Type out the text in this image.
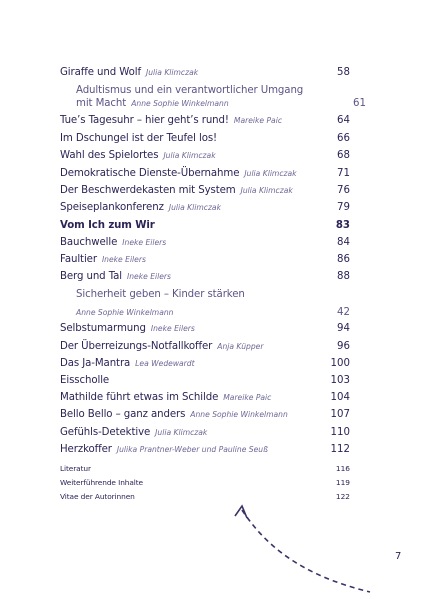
Giraffe und Wolf Julia Klimczak	58
Adultismus und ein verantwortlicher Umgang
mit Macht Anne Sophie Winkelmann	61
Tue’s Tagesuhr – hier geht’s rund! Mareike Paic	64
Im Dschungel ist der Teufel los!	66
Wahl des Spielortes Julia Klimczak	68
Demokratische Dienste-Übernahme Julia Klimczak	71
Der Beschwerdekasten mit System Julia Klimczak	76
Speiseplankonferenz Julia Klimczak	79
Vom Ich zum Wir	83
Bauchwelle Ineke Eilers	84
Faultier Ineke Eilers	86
Berg und Tal Ineke Eilers	88
Sicherheit geben – Kinder stärken
Anne Sophie Winkelmann	42
Selbstumarmung Ineke Eilers	94
Der Überreizungs-Notfallkoffer Anja Küpper	96
Das Ja-Mantra Lea Wedewardt	100
Eisscholle	103
Mathilde führt etwas im Schilde Mareike Paic	104
Bello Bello – ganz anders Anne Sophie Winkelmann	107
Gefühls-Detektive Julia Klimczak	110
Herzkoffer Julika Prantner-Weber und Pauline Seuß	112
Literatur	116
Weiterführende Inhalte	119
Vitae der Autorinnen	122
7
